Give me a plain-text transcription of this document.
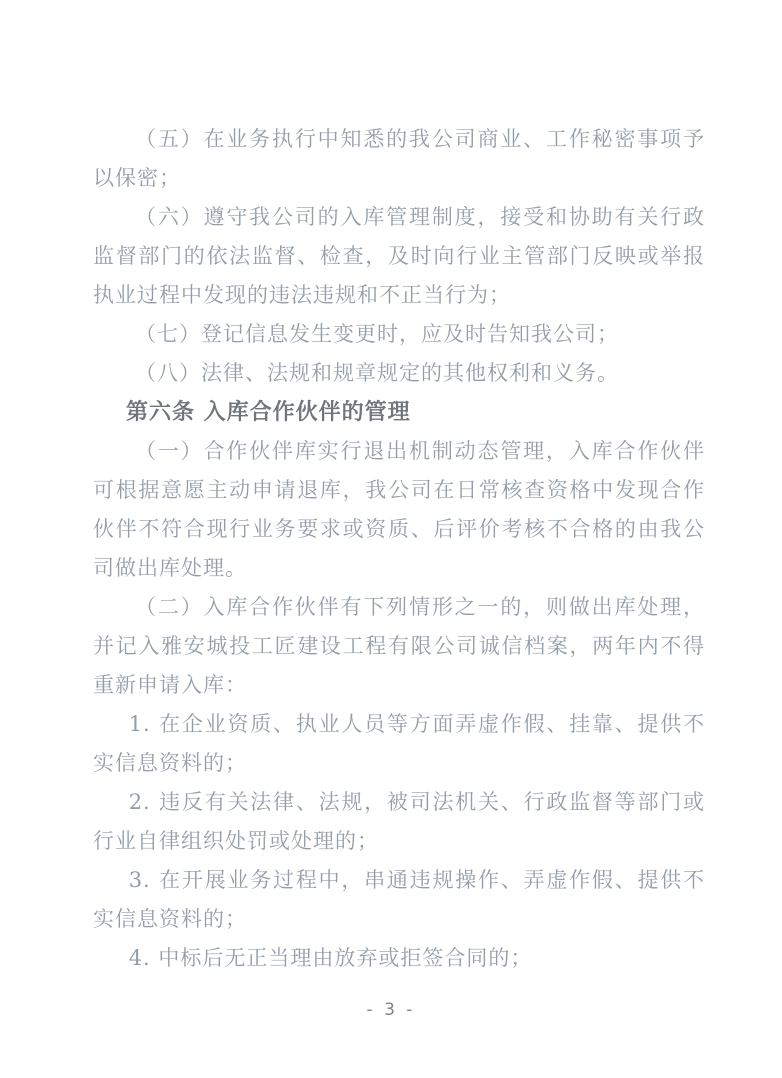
（五）在业务执行中知悉的我公司商业、工作秘密事项予以保密；

（六）遵守我公司的入库管理制度，接受和协助有关行政监督部门的依法监督、检查，及时向行业主管部门反映或举报执业过程中发现的违法违规和不正当行为；

（七）登记信息发生变更时，应及时告知我公司；

（八）法律、法规和规章规定的其他权利和义务。

第六条 入库合作伙伴的管理

（一）合作伙伴库实行退出机制动态管理，入库合作伙伴可根据意愿主动申请退库，我公司在日常核查资格中发现合作伙伴不符合现行业务要求或资质、后评价考核不合格的由我公司做出库处理。

（二）入库合作伙伴有下列情形之一的，则做出库处理，并记入雅安城投工匠建设工程有限公司诚信档案，两年内不得重新申请入库：

1. 在企业资质、执业人员等方面弄虚作假、挂靠、提供不实信息资料的；

2. 违反有关法律、法规，被司法机关、行政监督等部门或行业自律组织处罚或处理的；

3. 在开展业务过程中，串通违规操作、弄虚作假、提供不实信息资料的；

4. 中标后无正当理由放弃或拒签合同的；

- 3 -
